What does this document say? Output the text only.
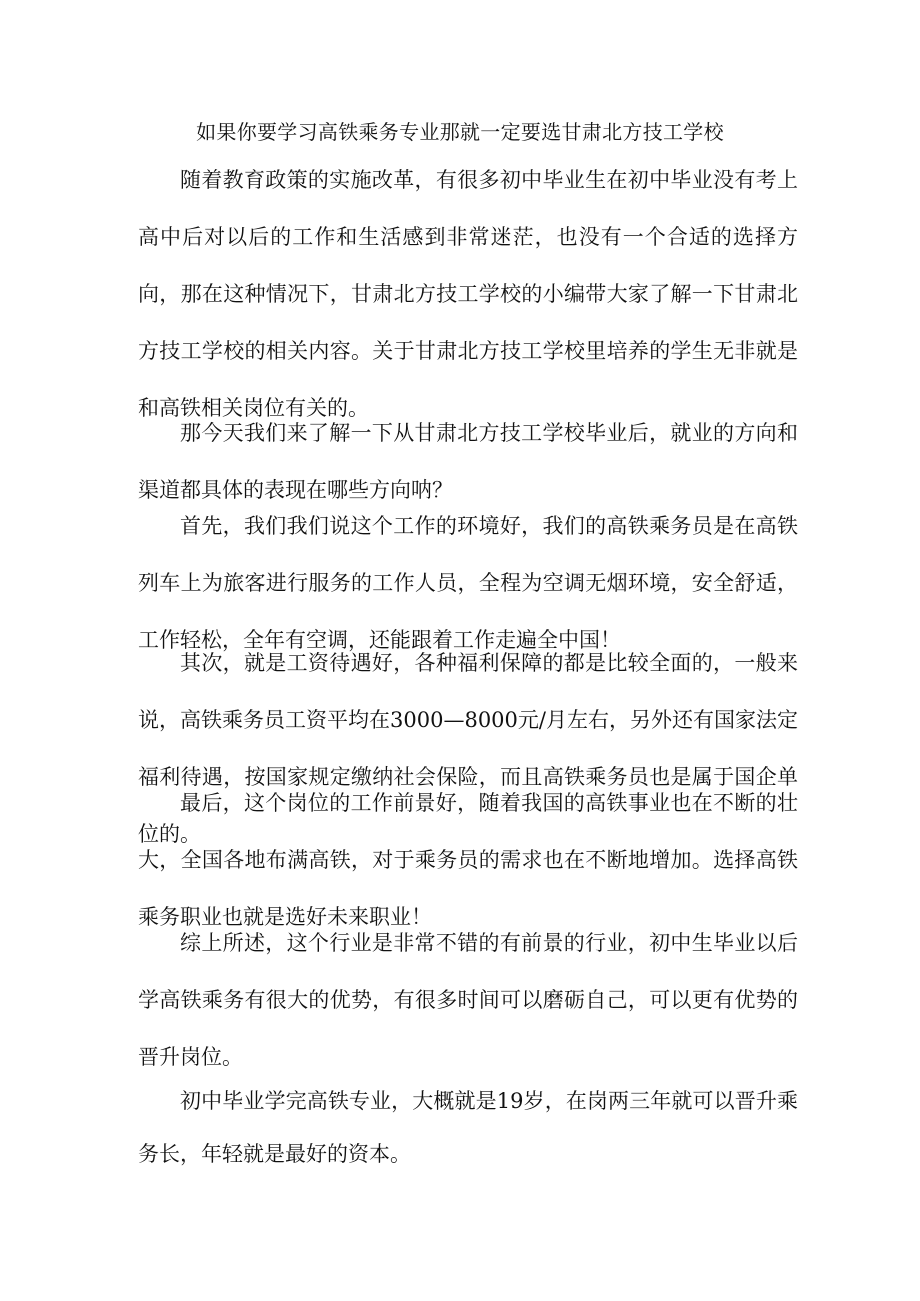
如果你要学习高铁乘务专业那就一定要选甘肃北方技工学校

随着教育政策的实施改革，有很多初中毕业生在初中毕业没有考上高中后对以后的工作和生活感到非常迷茫，也没有一个合适的选择方向，那在这种情况下，甘肃北方技工学校的小编带大家了解一下甘肃北方技工学校的相关内容。关于甘肃北方技工学校里培养的学生无非就是和高铁相关岗位有关的。

那今天我们来了解一下从甘肃北方技工学校毕业后，就业的方向和渠道都具体的表现在哪些方向呐？

首先，我们我们说这个工作的环境好，我们的高铁乘务员是在高铁列车上为旅客进行服务的工作人员，全程为空调无烟环境，安全舒适，工作轻松，全年有空调，还能跟着工作走遍全中国！

其次，就是工资待遇好，各种福利保障的都是比较全面的，一般来说，高铁乘务员工资平均在3000—8000元/月左右，另外还有国家法定福利待遇，按国家规定缴纳社会保险，而且高铁乘务员也是属于国企单位的。

最后，这个岗位的工作前景好，随着我国的高铁事业也在不断的壮大，全国各地布满高铁，对于乘务员的需求也在不断地增加。选择高铁乘务职业也就是选好未来职业！

综上所述，这个行业是非常不错的有前景的行业，初中生毕业以后学高铁乘务有很大的优势，有很多时间可以磨砺自己，可以更有优势的晋升岗位。

初中毕业学完高铁专业，大概就是19岁，在岗两三年就可以晋升乘务长，年轻就是最好的资本。
